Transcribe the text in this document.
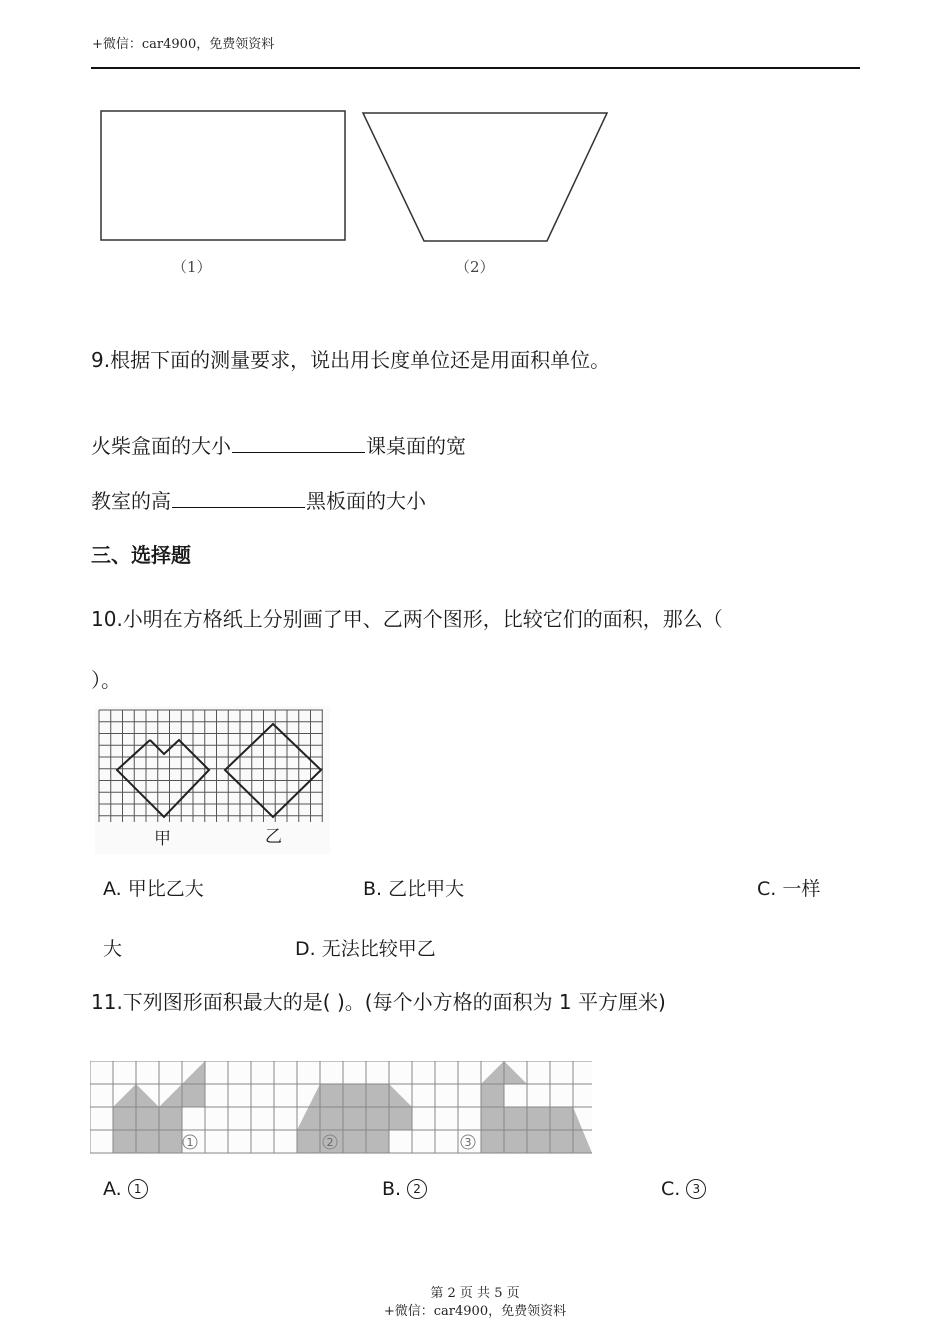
+微信：car4900，免费领资料
（1）	（2）
9.根据下面的测量要求，说出用长度单位还是用面积单位。
火柴盒面的大小	课桌面的宽
教室的高	黑板面的大小
三、选择题
10.小明在方格纸上分别画了甲、乙两个图形，比较它们的面积，那么（
）。
甲	乙
A. 甲比乙大	B. 乙比甲大	C. 一样
大	D. 无法比较甲乙
11.下列图形面积最大的是( )。(每个小方格的面积为 1 平方厘米)
1	2	3
A. 1	B. 2	C. 3
第 2 页 共 5 页
+微信：car4900，免费领资料
